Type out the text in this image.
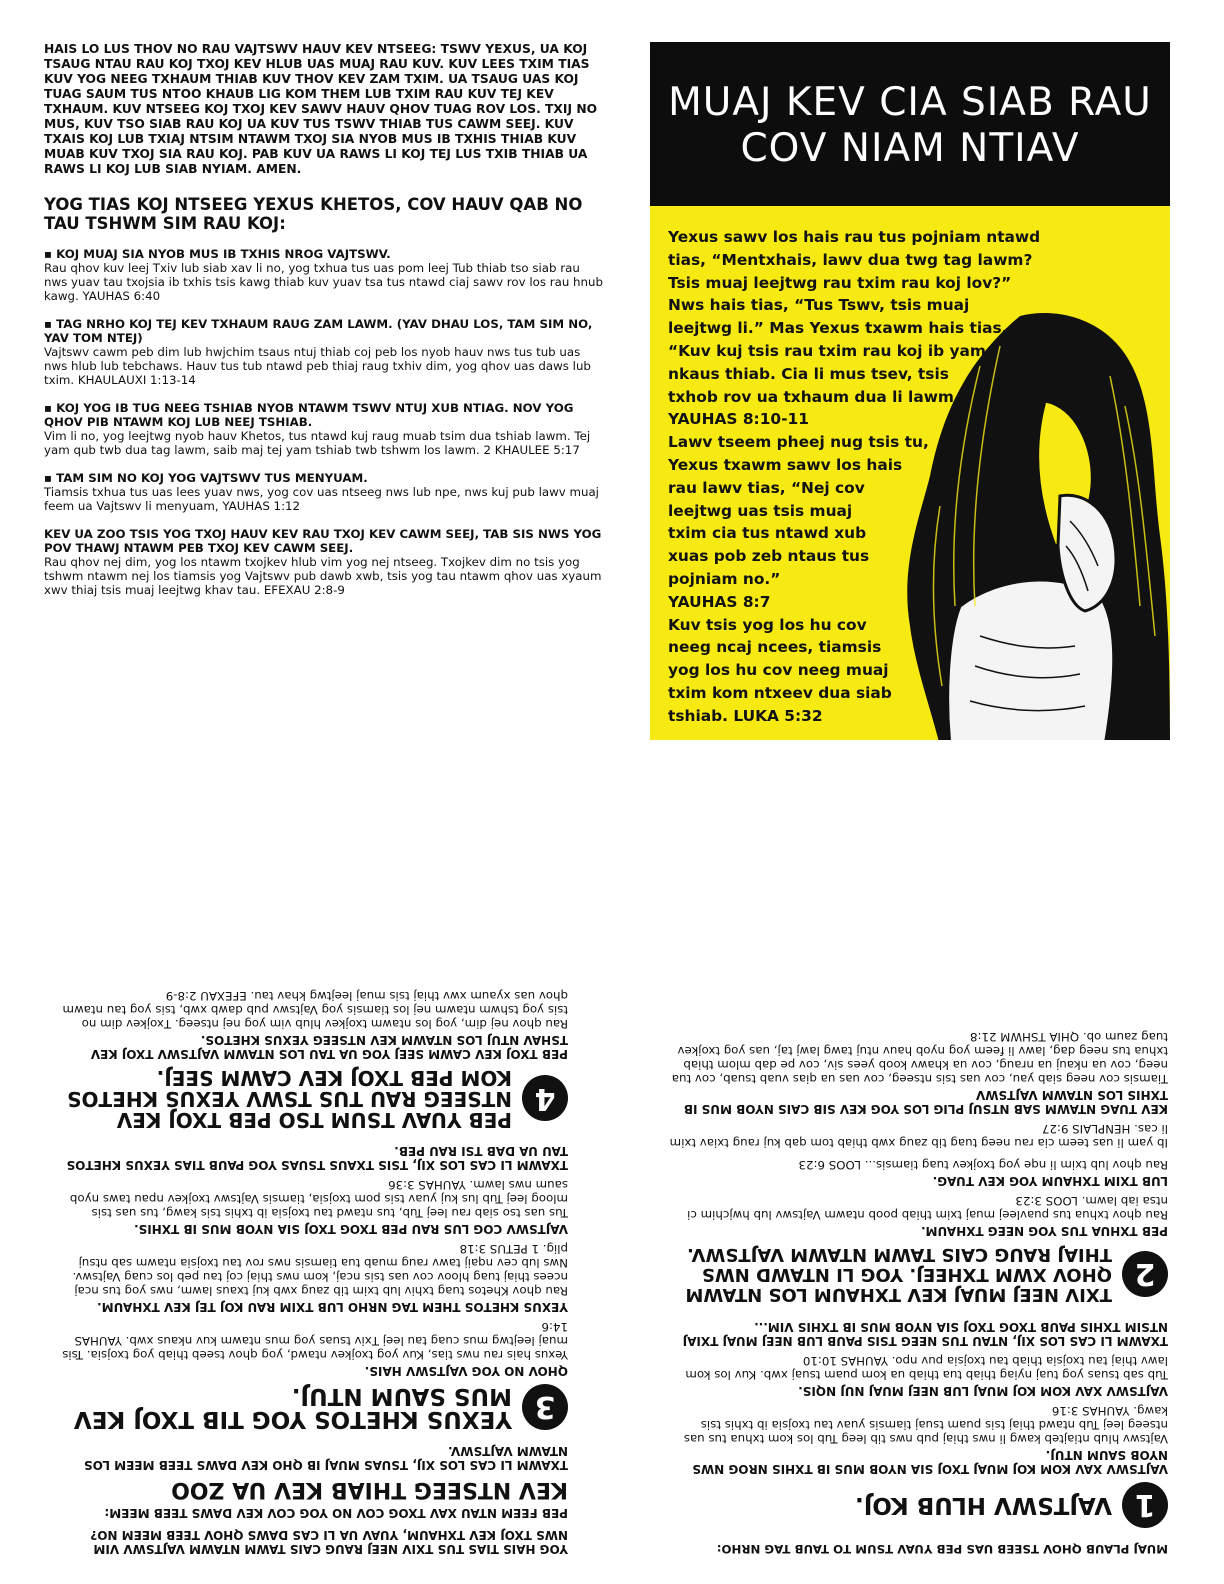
HAIS LO LUS THOV NO RAU VAJTSWV HAUV KEV NTSEEG: TSWV YEXUS, UA KOJ TSAUG NTAU RAU KOJ TXOJ KEV HLUB UAS MUAJ RAU KUV. KUV LEES TXIM TIAS KUV YOG NEEG TXHAUM THIAB KUV THOV KEV ZAM TXIM. UA TSAUG UAS KOJ TUAG SAUM TUS NTOO KHAUB LIG KOM THEM LUB TXIM RAU KUV TEJ KEV TXHAUM. KUV NTSEEG KOJ TXOJ KEV SAWV HAUV QHOV TUAG ROV LOS. TXIJ NO MUS, KUV TSO SIAB RAU KOJ UA KUV TUS TSWV THIAB TUS CAWM SEEJ. KUV TXAIS KOJ LUB TXIAJ NTSIM NTAWM TXOJ SIA NYOB MUS IB TXHIS THIAB KUV MUAB KUV TXOJ SIA RAU KOJ. PAB KUV UA RAWS LI KOJ TEJ LUS TXIB THIAB UA RAWS LI KOJ LUB SIAB NYIAM. AMEN.

YOG TIAS KOJ NTSEEG YEXUS KHETOS, COV HAUV QAB NO TAU TSHWM SIM RAU KOJ:

▪ KOJ MUAJ SIA NYOB MUS IB TXHIS NROG VAJTSWV.
Rau qhov kuv leej Txiv lub siab xav li no, yog txhua tus uas pom leej Tub thiab tso siab rau nws yuav tau txojsia ib txhis tsis kawg thiab kuv yuav tsa tus ntawd ciaj sawv rov los rau hnub kawg. YAUHAS 6:40
▪ TAG NRHO KOJ TEJ KEV TXHAUM RAUG ZAM LAWM. (YAV DHAU LOS, TAM SIM NO, YAV TOM NTEJ)
Vajtswv cawm peb dim lub hwjchim tsaus ntuj thiab coj peb los nyob hauv nws tus tub uas nws hlub lub tebchaws. Hauv tus tub ntawd peb thiaj raug txhiv dim, yog qhov uas daws lub txim. KHAULAUXI 1:13-14
▪ KOJ YOG IB TUG NEEG TSHIAB NYOB NTAWM TSWV NTUJ XUB NTIAG. NOV YOG QHOV PIB NTAWM KOJ LUB NEEJ TSHIAB.
Vim li no, yog leejtwg nyob hauv Khetos, tus ntawd kuj raug muab tsim dua tshiab lawm. Tej yam qub twb dua tag lawm, saib maj tej yam tshiab twb tshwm los lawm. 2 KHAULEE 5:17
▪ TAM SIM NO KOJ YOG VAJTSWV TUS MENYUAM.
Tiamsis txhua tus uas lees yuav nws, yog cov uas ntseeg nws lub npe, nws kuj pub lawv muaj feem ua Vajtswv li menyuam, YAUHAS 1:12
KEV UA ZOO TSIS YOG TXOJ HAUV KEV RAU TXOJ KEV CAWM SEEJ, TAB SIS NWS YOG POV THAWJ NTAWM PEB TXOJ KEV CAWM SEEJ.
Rau qhov nej dim, yog los ntawm txojkev hlub vim yog nej ntseeg. Txojkev dim no tsis yog tshwm ntawm nej los tiamsis yog Vajtswv pub dawb xwb, tsis yog tau ntawm qhov uas xyaum xwv thiaj tsis muaj leejtwg khav tau. EFEXAU 2:8-9
MUAJ KEV CIA SIAB RAU
COV NIAM NTIAV
Yexus sawv los hais rau tus pojniam ntawd
tias, “Mentxhais, lawv dua twg tag lawm?
Tsis muaj leejtwg rau txim rau koj lov?”
Nws hais tias, “Tus Tswv, tsis muaj
leejtwg li.” Mas Yexus txawm hais tias,
“Kuv kuj tsis rau txim rau koj ib yam
nkaus thiab. Cia li mus tsev, tsis
txhob rov ua txhaum dua li lawm.”
YAUHAS 8:10-11
Lawv tseem pheej nug tsis tu,
Yexus txawm sawv los hais
rau lawv tias, “Nej cov
leejtwg uas tsis muaj
txim cia tus ntawd xub
xuas pob zeb ntaus tus
pojniam no.”
YAUHAS 8:7
Kuv tsis yog los hu cov
neeg ncaj ncees, tiamsis
yog los hu cov neeg muaj
txim kom ntxeev dua siab
tshiab. LUKA 5:32
MUAJ PLAUB QHOV TSEEB UAS PEB YUAV TSUM TO TAUB TAG NRHO:
1
VAJTSWV HLUB KOJ.
VAJTSWV XAV KOM KOJ MUAJ TXOJ SIA NYOB MUS IB TXHIS NROG NWS NYOB SAUM NTUJ.
Vajtswv hlub ntiajteb kawg li nws thiaj pub nws tib leeg Tub los kom txhua tus uas ntseeg leej Tub ntawd thiaj tsis puam tsuaj tiamsis yuav tau txojsia ib txhis tsis kawg. YAUHAS 3:16
VAJTSWV XAV KOM KOJ MUAJ LUB NEEJ MUAJ NUJ NQIS.
Tub sab tsuas yog tuaj nyiag thiab tua thiab ua kom puam tsuaj xwb. Kuv los kom lawv thiaj tau txojsia thiab tau txojsia puv npo. YAUHAS 10:10
TXAWM LI CAS LOS XIJ, NTAU TUS NEEG TSIS PAUB LUB NEEJ MUAJ TXIAJ NTSIM TXHIS PAUB TXOG TXOJ SIA NYOB MUS IB TXHIS VIM...
2
TXIV NEEJ MUAJ KEV TXHAUM LOS NTAWM QHOV XWM TXHEEJ. YOG LI NTAWD NWS THIAJ RAUG CAIS TAWM NTAWM VAJTSWV.
PEB TXHUA TUS YOG NEEG TXHAUM.
Rau qhov txhua tus puavleej muaj txim thiab poob ntawm Vajtswv lub hwjchim ci ntsa iab lawm. LOOS 3:23
LUB TXIM TXHAUM YOG KEV TUAG.
Rau qhov lub txim li nqe yog txojkev tuag tiamsis... LOOS 6:23
Ib yam li uas teem cia rau neeg tuag tib zaug xwb thiab tom qab kuj raug txiav txim li cas. HENPLAIS 9:27
KEV TUAG NTAWM SAB NTSUJ PLIG LOS YOG KEV SIB CAIS NYOB MUS IB TXHIS LOS NTAWM VAJTSWV
Tiamsis cov neeg siab yau, cov uas tsis ntseeg, cov uas ua qias vuab tsuab, cov tua neeg, cov ua nkauj ua nraug, cov ua khawv koob yees siv, cov pe dab mlom thiab txhua tus neeg dag, lawv li feem yog nyob hauv ntuj tawg lawj taj, uas yog txojkev tuag zaum ob. QHIA TSHWM 21:8
YOG HAIS TIAS TUS TXIV NEEJ RAUG CAIS TAWM NTAWM VAJTSWV VIM NWS TXOJ KEV TXHAUM, YUAV UA LI CAS DAWS QHOV TEEB MEEM NO?
PEB FEEM NTAU XAV TXOG COV NO YOG COV KEV DAWS TEEB MEEM:
KEV NTSEEG THIAB KEV UA ZOO
TXAWM LI CAS LOS XIJ, TSUAS MUAJ IB QHO KEV DAWS TEEB MEEM LOS NTAWM VAJTSWV.
3
YEXUS KHETOS YOG TIB TXOJ KEV MUS SAUM NTUJ.
QHOV NO YOG VAJTSWV HAIS.
Yexus hais rau nws tias, Kuv yog txojkev ntawd, yog qhov tseeb thiab yog txojsia. Tsis muaj leejtwg mus cuag tau leej Txiv tsuas yog mus ntawm kuv nkaus xwb. YAUHAS 14:6
YEXUS KHETOS THEM TAG NRHO LUB TXIM RAU KOJ TEJ KEV TXHAUM.
Rau qhov Khetos tuag txhiv lub txim tib zaug xwb kuj txaus lawm, nws yog tus ncaj ncees thiaj tuag hloov cov uas tsis ncaj, kom nws thiaj coj tau peb los cuag Vajtswv. Nws lub cev nqaij tawv raug muab tua tiamsis nws rov tau txojsia ntawm sab ntsuj plig. 1 PETUS 3:18
VAJTSWV COG LUS RAU PEB TXOG TXOJ SIA NYOB MUS IB TXHIS.
Tus uas tso siab rau leej Tub, tus ntawd tau txojsia ib txhis tsis kawg, tus uas tsis mloog leej Tub lus kuj yuav tsis pom txojsia, tiamsis Vajtswv txojkev npau taws nyob saum nws lawm. YAUHAS 3:36
TXAWM LI CAS LOS XIJ, TSIS TXAUS TSUAS YOG PAUB TIAS YEXUS KHETOS TAU UA DAB TSI RAU PEB.
4
PEB YUAV TSUM TSO PEB TXOJ KEV NTSEEG RAU TUS TSWV YEXUS KHETOS KOM PEB TXOJ KEV CAWM SEEJ.
PEB TXOJ KEV CAWM SEEJ YOG UA TAU LOS NTAWM VAJTSWV TXOJ KEV TSHAV NTUJ LOS NTAWM KEV NTSEEG YEXUS KHETOS.
Rau qhov nej dim, yog los ntawm txojkev hlub vim yog nej ntseeg. Txojkev dim no tsis yog tshwm ntawm nej los tiamsis yog Vajtswv pub dawb xwb, tsis yog tau ntawm qhov uas xyaum xwv thiaj tsis muaj leejtwg khav tau. EFEXAU 2:8-9
